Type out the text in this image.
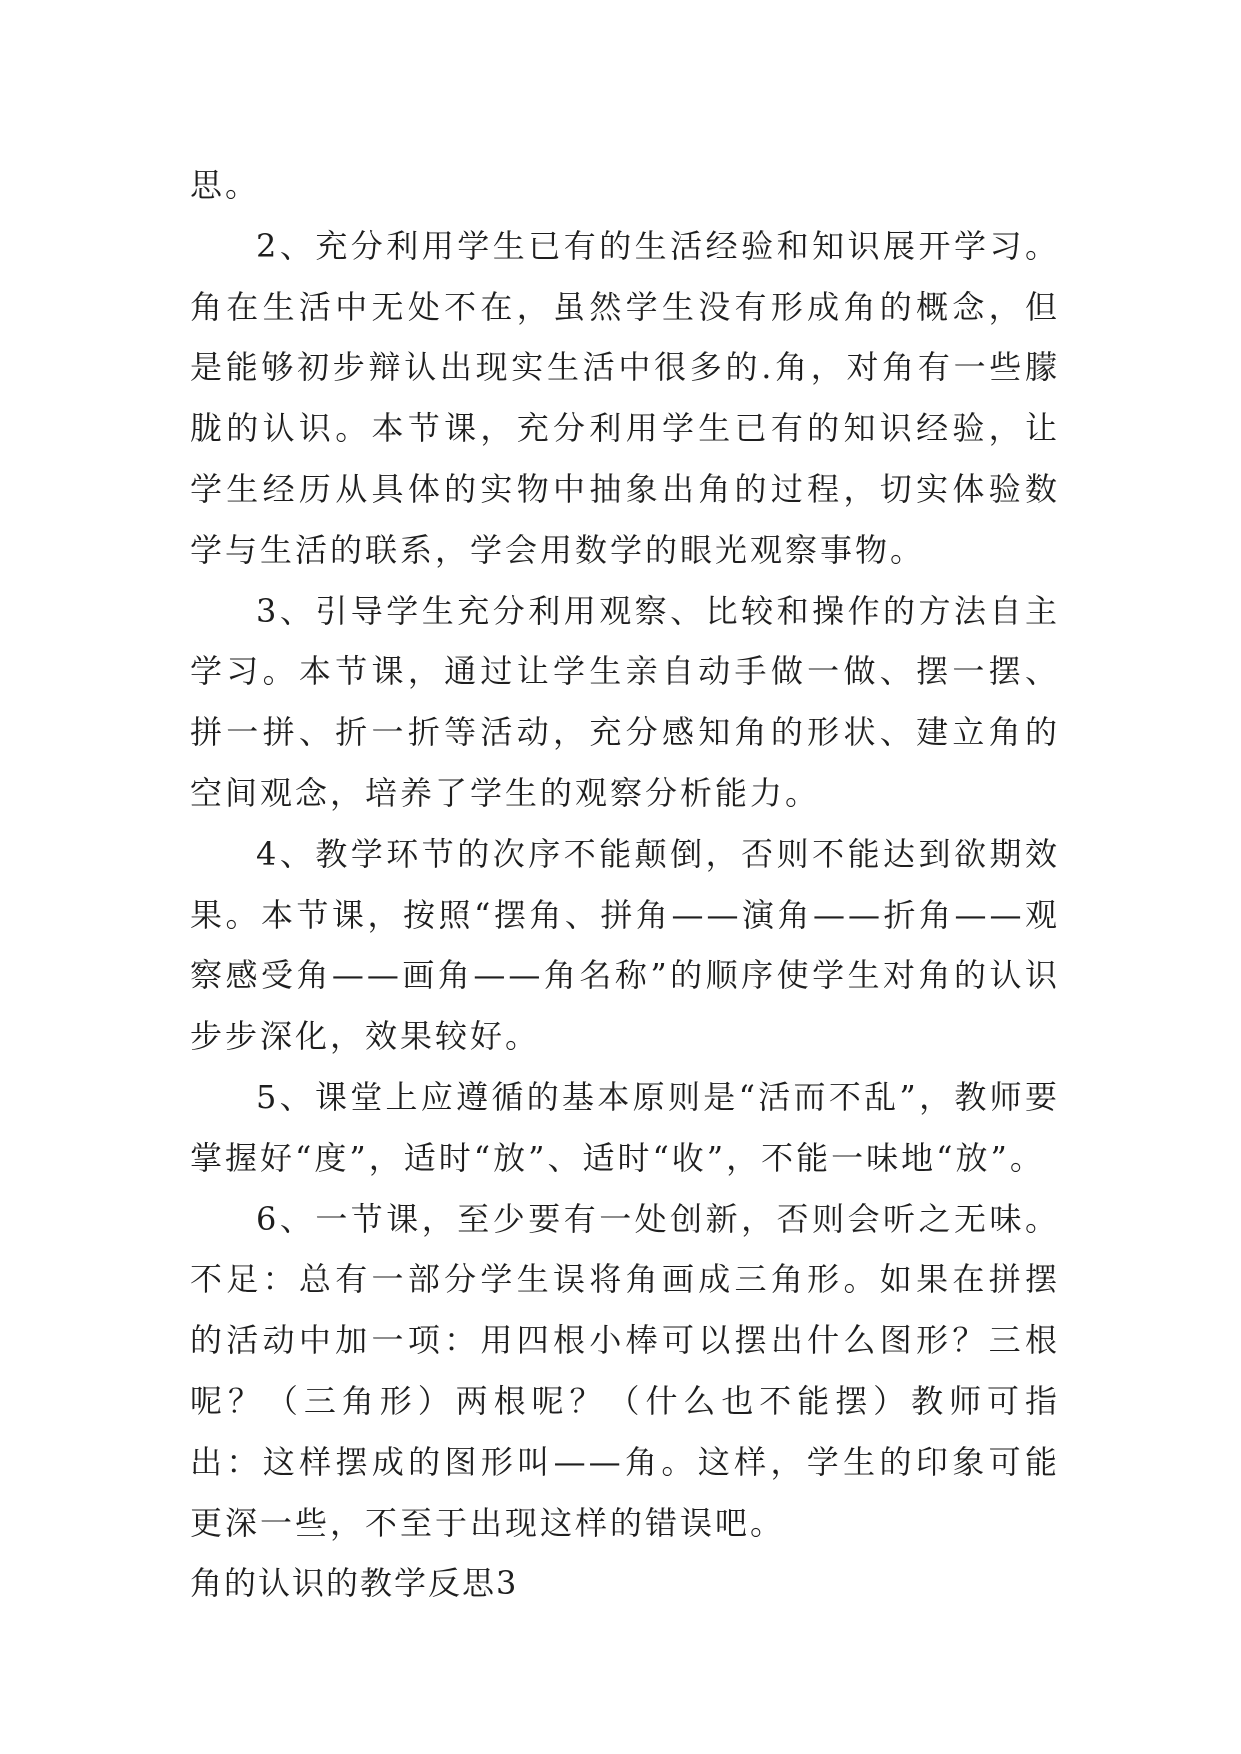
思。

2、充分利用学生已有的生活经验和知识展开学习。角在生活中无处不在，虽然学生没有形成角的概念，但是能够初步辩认出现实生活中很多的.角，对角有一些朦胧的认识。本节课，充分利用学生已有的知识经验，让学生经历从具体的实物中抽象出角的过程，切实体验数学与生活的联系，学会用数学的眼光观察事物。

3、引导学生充分利用观察、比较和操作的方法自主学习。本节课，通过让学生亲自动手做一做、摆一摆、拼一拼、折一折等活动，充分感知角的形状、建立角的空间观念，培养了学生的观察分析能力。

4、教学环节的次序不能颠倒，否则不能达到欲期效果。本节课，按照“摆角、拼角——演角——折角——观察感受角——画角——角名称”的顺序使学生对角的认识步步深化，效果较好。

5、课堂上应遵循的基本原则是“活而不乱”，教师要掌握好“度”，适时“放”、适时“收”，不能一味地“放”。

6、一节课，至少要有一处创新，否则会听之无味。不足：总有一部分学生误将角画成三角形。如果在拼摆的活动中加一项：用四根小棒可以摆出什么图形？三根呢？（三角形）两根呢？（什么也不能摆）教师可指出：这样摆成的图形叫——角。这样，学生的印象可能更深一些，不至于出现这样的错误吧。

角的认识的教学反思3
